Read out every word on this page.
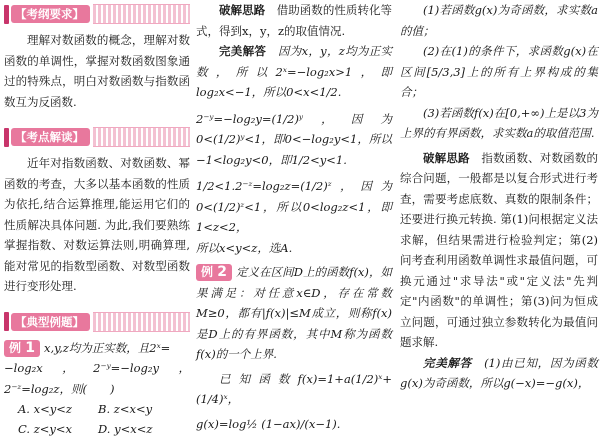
【考纲要求】

理解对数函数的概念，理解对数函数的单调性，掌握对数函数图象通过的特殊点，明白对数函数与指数函数互为反函数.

【考点解读】

近年对指数函数、对数函数、幂函数的考查，大多以基本函数的性质为依托,结合运算推理,能运用它们的性质解决具体问题. 为此,我们要熟练掌握指数、对数运算法则,明确算理,能对常见的指数型函数、对数型函数进行变形处理.

【典型例题】

例 1 x,y,z均为正实数，且2ˣ=
−log₂x，2⁻ʸ=−log₂y，2⁻ᶻ=log₂z，则(　　)

A. x<y<z	B. z<x<y
C. z<y<x	D. y<x<z

破解思路　 借助函数的性质转化等式，得到x，y，z的取值情况.

完美解答　 因为x，y，z均为正实数，所以2ˣ=−log₂x>1，即log₂x<−1，所以0<x<1/2.

2⁻ʸ=−log₂y=(1/2)ʸ，因为0<(1/2)ʸ<1，即0<−log₂y<1，所以−1<log₂y<0，即1/2<y<1.

1/2<1.2⁻ᶻ=log₂z=(1/2)ᶻ，因为0<(1/2)ᶻ<1，所以0<log₂z<1，即1<z<2，

所以x<y<z，选A.

例 2 定义在区间D上的函数f(x)，如果满足：对任意x∈D，存在常数M≥0，都有|f(x)|≤M成立，则称f(x)是D上的有界函数，其中M称为函数f(x)的一个上界.

已知函数f(x)=1+a(1/2)ˣ+(1/4)ˣ，

g(x)=log½ (1−ax)/(x−1).

(1)若函数g(x)为奇函数，求实数a的值；

(2)在(1)的条件下，求函数g(x)在区间[5/3,3]上的所有上界构成的集合；

(3)若函数f(x)在[0,+∞)上是以3为上界的有界函数，求实数a的取值范围.

破解思路　 指数函数、对数函数的综合问题，一般都是以复合形式进行考查，需要考虑底数、真数的限制条件；还要进行换元转换. 第(1)问根据定义法求解，但结果需进行检验判定；第(2)问考查利用函数单调性求最值问题，可换元通过"求导法"或"定义法"先判定"内函数"的单调性；第(3)问为恒成立问题，可通过独立参数转化为最值问题求解.

完美解答　 (1)由已知，因为函数g(x)为奇函数，所以g(−x)=−g(x)，
